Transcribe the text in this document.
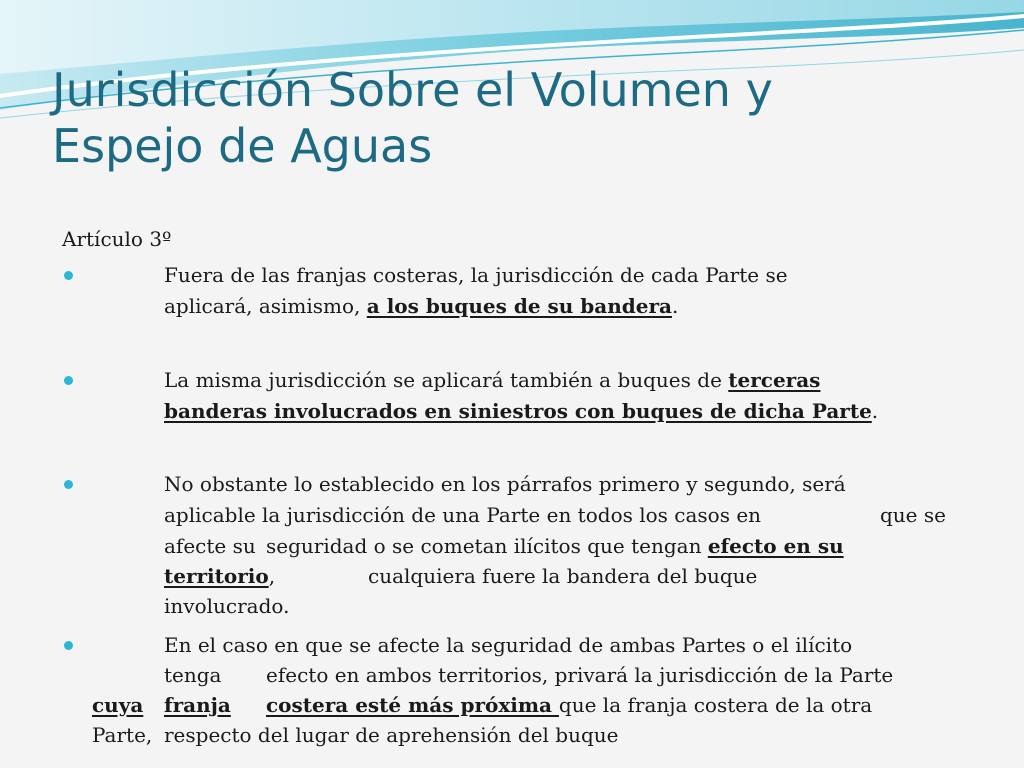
Jurisdicción Sobre el Volumen y
Espejo de Aguas
Artículo 3º
Fuera de las franjas costeras, la jurisdicción de cada Parte se
aplicará, asimismo, a los buques de su bandera.
La misma jurisdicción se aplicará también a buques de terceras
banderas involucrados en siniestros con buques de dicha Parte.
No obstante lo establecido en los párrafos primero y segundo, será
aplicable la jurisdicción de una Parte en todos los casos en	que se
afecte su seguridad o se cometan ilícitos que tengan efecto en su
territorio,	cualquiera fuere la bandera del buque
involucrado.
En el caso en que se afecte la seguridad de ambas Partes o el ilícito
tenga efecto en ambos territorios, privará la jurisdicción de la Parte
cuya franja costera esté más próxima que la franja costera de la otra
Parte, respecto del lugar de aprehensión del buque
